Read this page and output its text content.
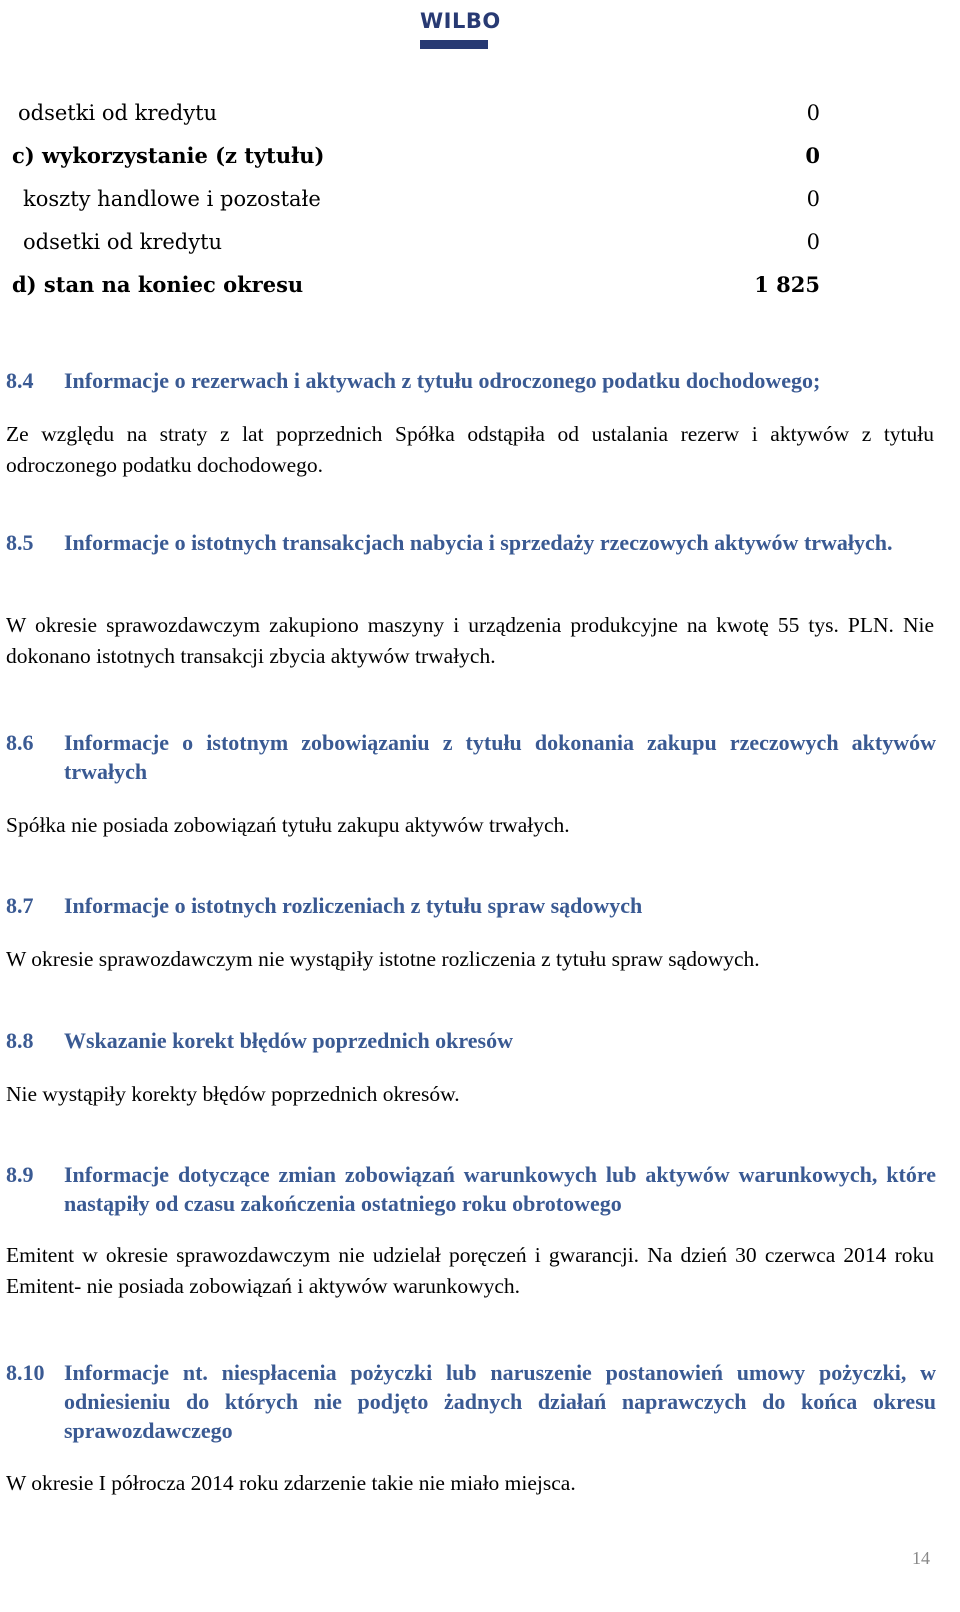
WILBO
odsetki od kredytu	0
c) wykorzystanie (z tytułu)	0
koszty handlowe i pozostałe	0
odsetki od kredytu	0
d) stan na koniec okresu	1 825
8.4 Informacje o rezerwach i aktywach z tytułu odroczonego podatku dochodowego;
Ze względu na straty z lat poprzednich Spółka odstąpiła od ustalania rezerw i aktywów z tytułu odroczonego podatku dochodowego.
8.5 Informacje o istotnych transakcjach nabycia i sprzedaży rzeczowych aktywów trwałych.
W okresie sprawozdawczym zakupiono maszyny i urządzenia produkcyjne na kwotę 55 tys. PLN. Nie dokonano istotnych transakcji zbycia aktywów trwałych.
8.6 Informacje o istotnym zobowiązaniu z tytułu dokonania zakupu rzeczowych aktywów trwałych
Spółka nie posiada zobowiązań tytułu zakupu aktywów trwałych.
8.7 Informacje o istotnych rozliczeniach z tytułu spraw sądowych
W okresie sprawozdawczym nie wystąpiły istotne rozliczenia z tytułu spraw sądowych.
8.8 Wskazanie korekt błędów poprzednich okresów
Nie wystąpiły korekty błędów poprzednich okresów.
8.9 Informacje dotyczące zmian zobowiązań warunkowych lub aktywów warunkowych, które nastąpiły od czasu zakończenia ostatniego roku obrotowego
Emitent w okresie sprawozdawczym nie udzielał poręczeń i gwarancji. Na dzień 30 czerwca 2014 roku Emitent- nie posiada zobowiązań i aktywów warunkowych.
8.10 Informacje nt. niespłacenia pożyczki lub naruszenie postanowień umowy pożyczki, w odniesieniu do których nie podjęto żadnych działań naprawczych do końca okresu sprawozdawczego
W okresie I półrocza 2014 roku zdarzenie takie nie miało miejsca.
14
